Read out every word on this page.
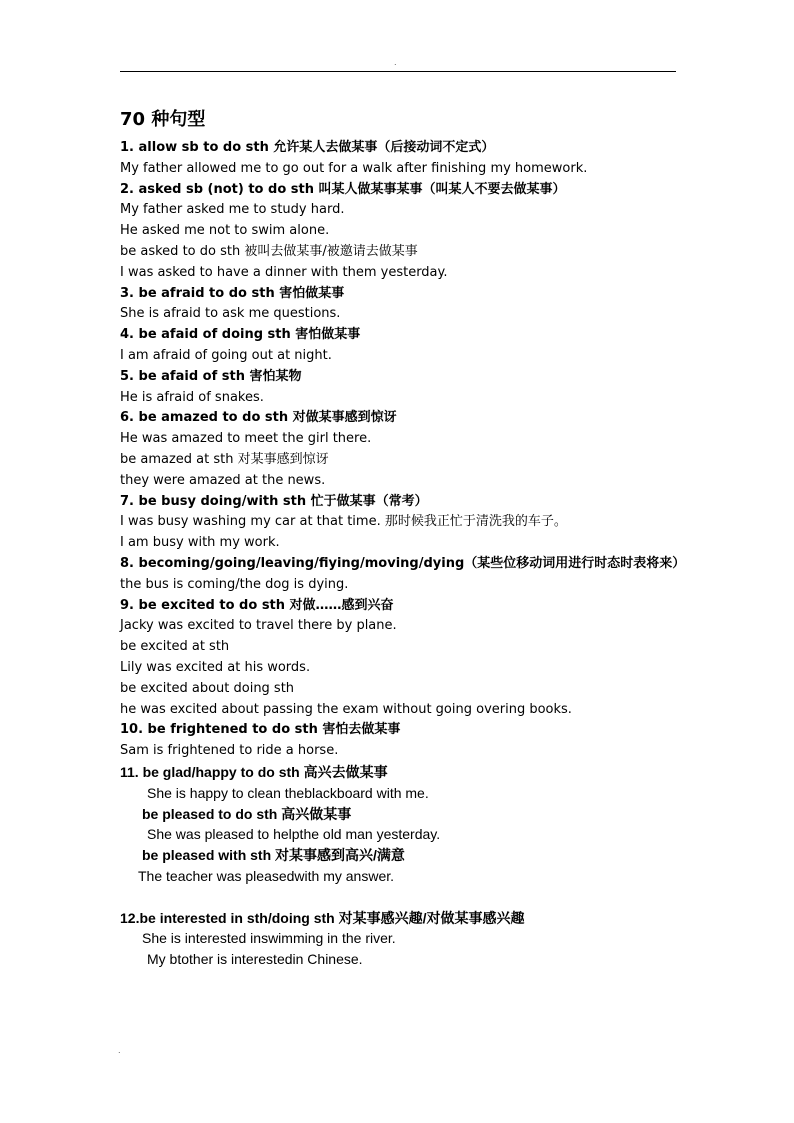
.
70 种句型
1. allow sb to do sth 允许某人去做某事（后接动词不定式）
My father allowed me to go out for a walk after finishing my homework.
2. asked sb (not) to do sth 叫某人做某事某事（叫某人不要去做某事）
My father asked me to study hard.
He asked me not to swim alone.
be asked to do sth 被叫去做某事/被邀请去做某事
I was asked to have a dinner with them yesterday.
3. be afraid to do sth 害怕做某事
She is afraid to ask me questions.
4. be afaid of doing sth 害怕做某事
I am afraid of going out at night.
5. be afaid of sth 害怕某物
He is afraid of snakes.
6. be amazed to do sth 对做某事感到惊讶
He was amazed to meet the girl there.
be amazed at sth 对某事感到惊讶
they were amazed at the news.
7. be busy doing/with sth 忙于做某事（常考）
I was busy washing my car at that time. 那时候我正忙于清洗我的车子。
I am busy with my work.
8. becoming/going/leaving/fiying/moving/dying（某些位移动词用进行时态时表将来）
the bus is coming/the dog is dying.
9. be excited to do sth 对做……感到兴奋
Jacky was excited to travel there by plane.
be excited at sth
Lily was excited at his words.
be excited about doing sth
he was excited about passing the exam without going overing books.
10. be frightened to do sth 害怕去做某事
Sam is frightened to ride a horse.
11. be glad/happy to do sth 高兴去做某事
She is happy to clean theblackboard with me.
be pleased to do sth 高兴做某事
She was pleased to helpthe old man yesterday.
be pleased with sth 对某事感到高兴/满意
The teacher was pleasedwith my answer.
12.be interested in sth/doing sth 对某事感兴趣/对做某事感兴趣
She is interested inswimming in the river.
My btother is interestedin Chinese.
.
